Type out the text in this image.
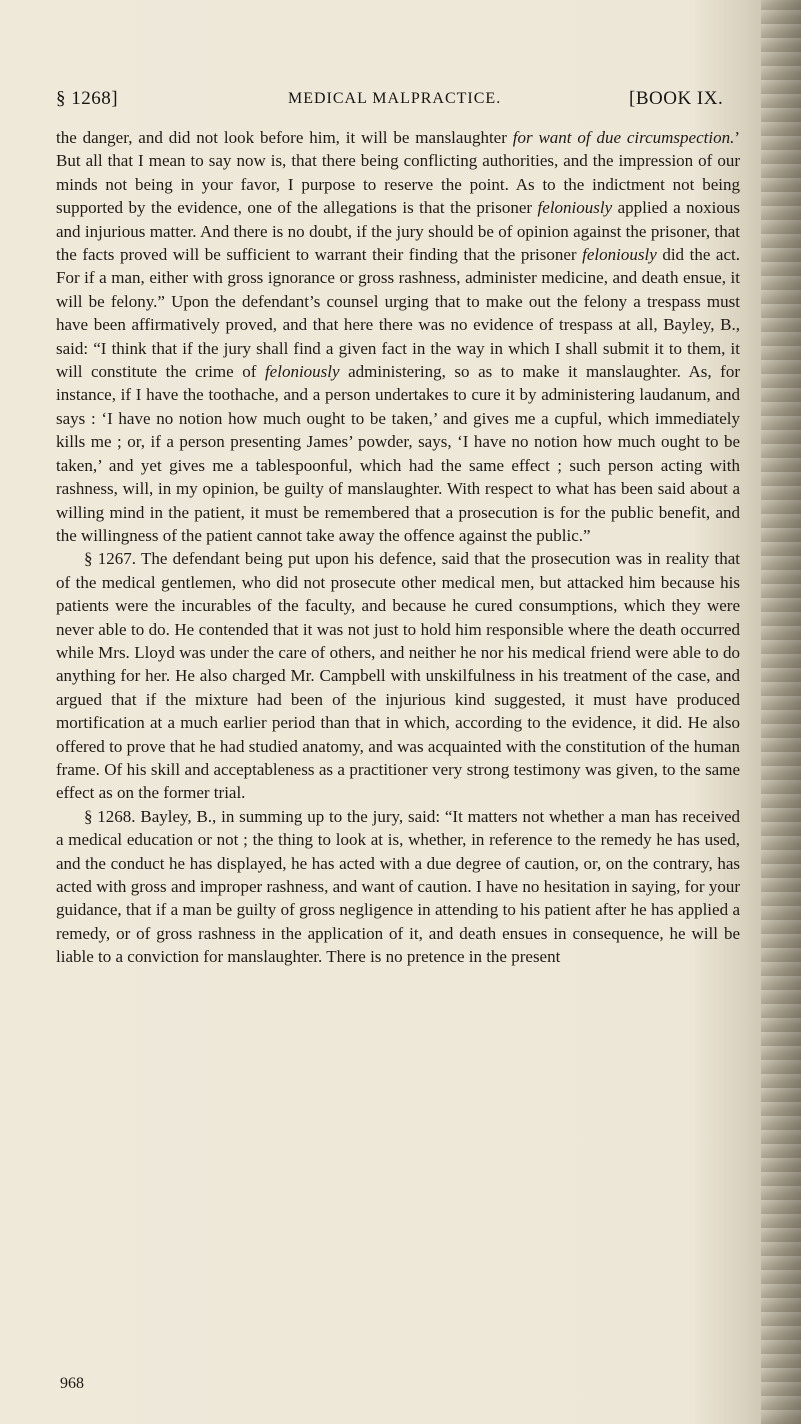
§ 1268]	MEDICAL MALPRACTICE.	[BOOK IX.

the danger, and did not look before him, it will be manslaughter for want of due circumspection.’ But all that I mean to say now is, that there being conflicting authorities, and the impression of our minds not being in your favor, I purpose to reserve the point. As to the indictment not being supported by the evidence, one of the allegations is that the prisoner feloniously applied a noxious and injurious matter. And there is no doubt, if the jury should be of opinion against the prisoner, that the facts proved will be sufficient to warrant their finding that the prisoner feloniously did the act. For if a man, either with gross ignorance or gross rashness, administer medicine, and death ensue, it will be felony.” Upon the defendant’s counsel urging that to make out the felony a trespass must have been affirmatively proved, and that here there was no evidence of trespass at all, Bayley, B., said: “I think that if the jury shall find a given fact in the way in which I shall submit it to them, it will constitute the crime of feloniously administering, so as to make it manslaughter. As, for instance, if I have the toothache, and a person undertakes to cure it by administering laudanum, and says : ‘I have no notion how much ought to be taken,’ and gives me a cupful, which immediately kills me ; or, if a person presenting James’ powder, says, ‘I have no notion how much ought to be taken,’ and yet gives me a tablespoonful, which had the same effect ; such person acting with rashness, will, in my opinion, be guilty of manslaughter. With respect to what has been said about a willing mind in the patient, it must be remembered that a prosecution is for the public benefit, and the willingness of the patient cannot take away the offence against the public.”

§ 1267. The defendant being put upon his defence, said that the prosecution was in reality that of the medical gentlemen, who did not prosecute other medical men, but attacked him because his patients were the incurables of the faculty, and because he cured consumptions, which they were never able to do. He contended that it was not just to hold him responsible where the death occurred while Mrs. Lloyd was under the care of others, and neither he nor his medical friend were able to do anything for her. He also charged Mr. Campbell with unskilfulness in his treatment of the case, and argued that if the mixture had been of the injurious kind suggested, it must have produced mortification at a much earlier period than that in which, according to the evidence, it did. He also offered to prove that he had studied anatomy, and was acquainted with the constitution of the human frame. Of his skill and acceptableness as a practitioner very strong testimony was given, to the same effect as on the former trial.

§ 1268. Bayley, B., in summing up to the jury, said: “It matters not whether a man has received a medical education or not ; the thing to look at is, whether, in reference to the remedy he has used, and the conduct he has displayed, he has acted with a due degree of caution, or, on the contrary, has acted with gross and improper rashness, and want of caution. I have no hesitation in saying, for your guidance, that if a man be guilty of gross negligence in attending to his patient after he has applied a remedy, or of gross rashness in the application of it, and death ensues in consequence, he will be liable to a conviction for manslaughter. There is no pretence in the present

968
